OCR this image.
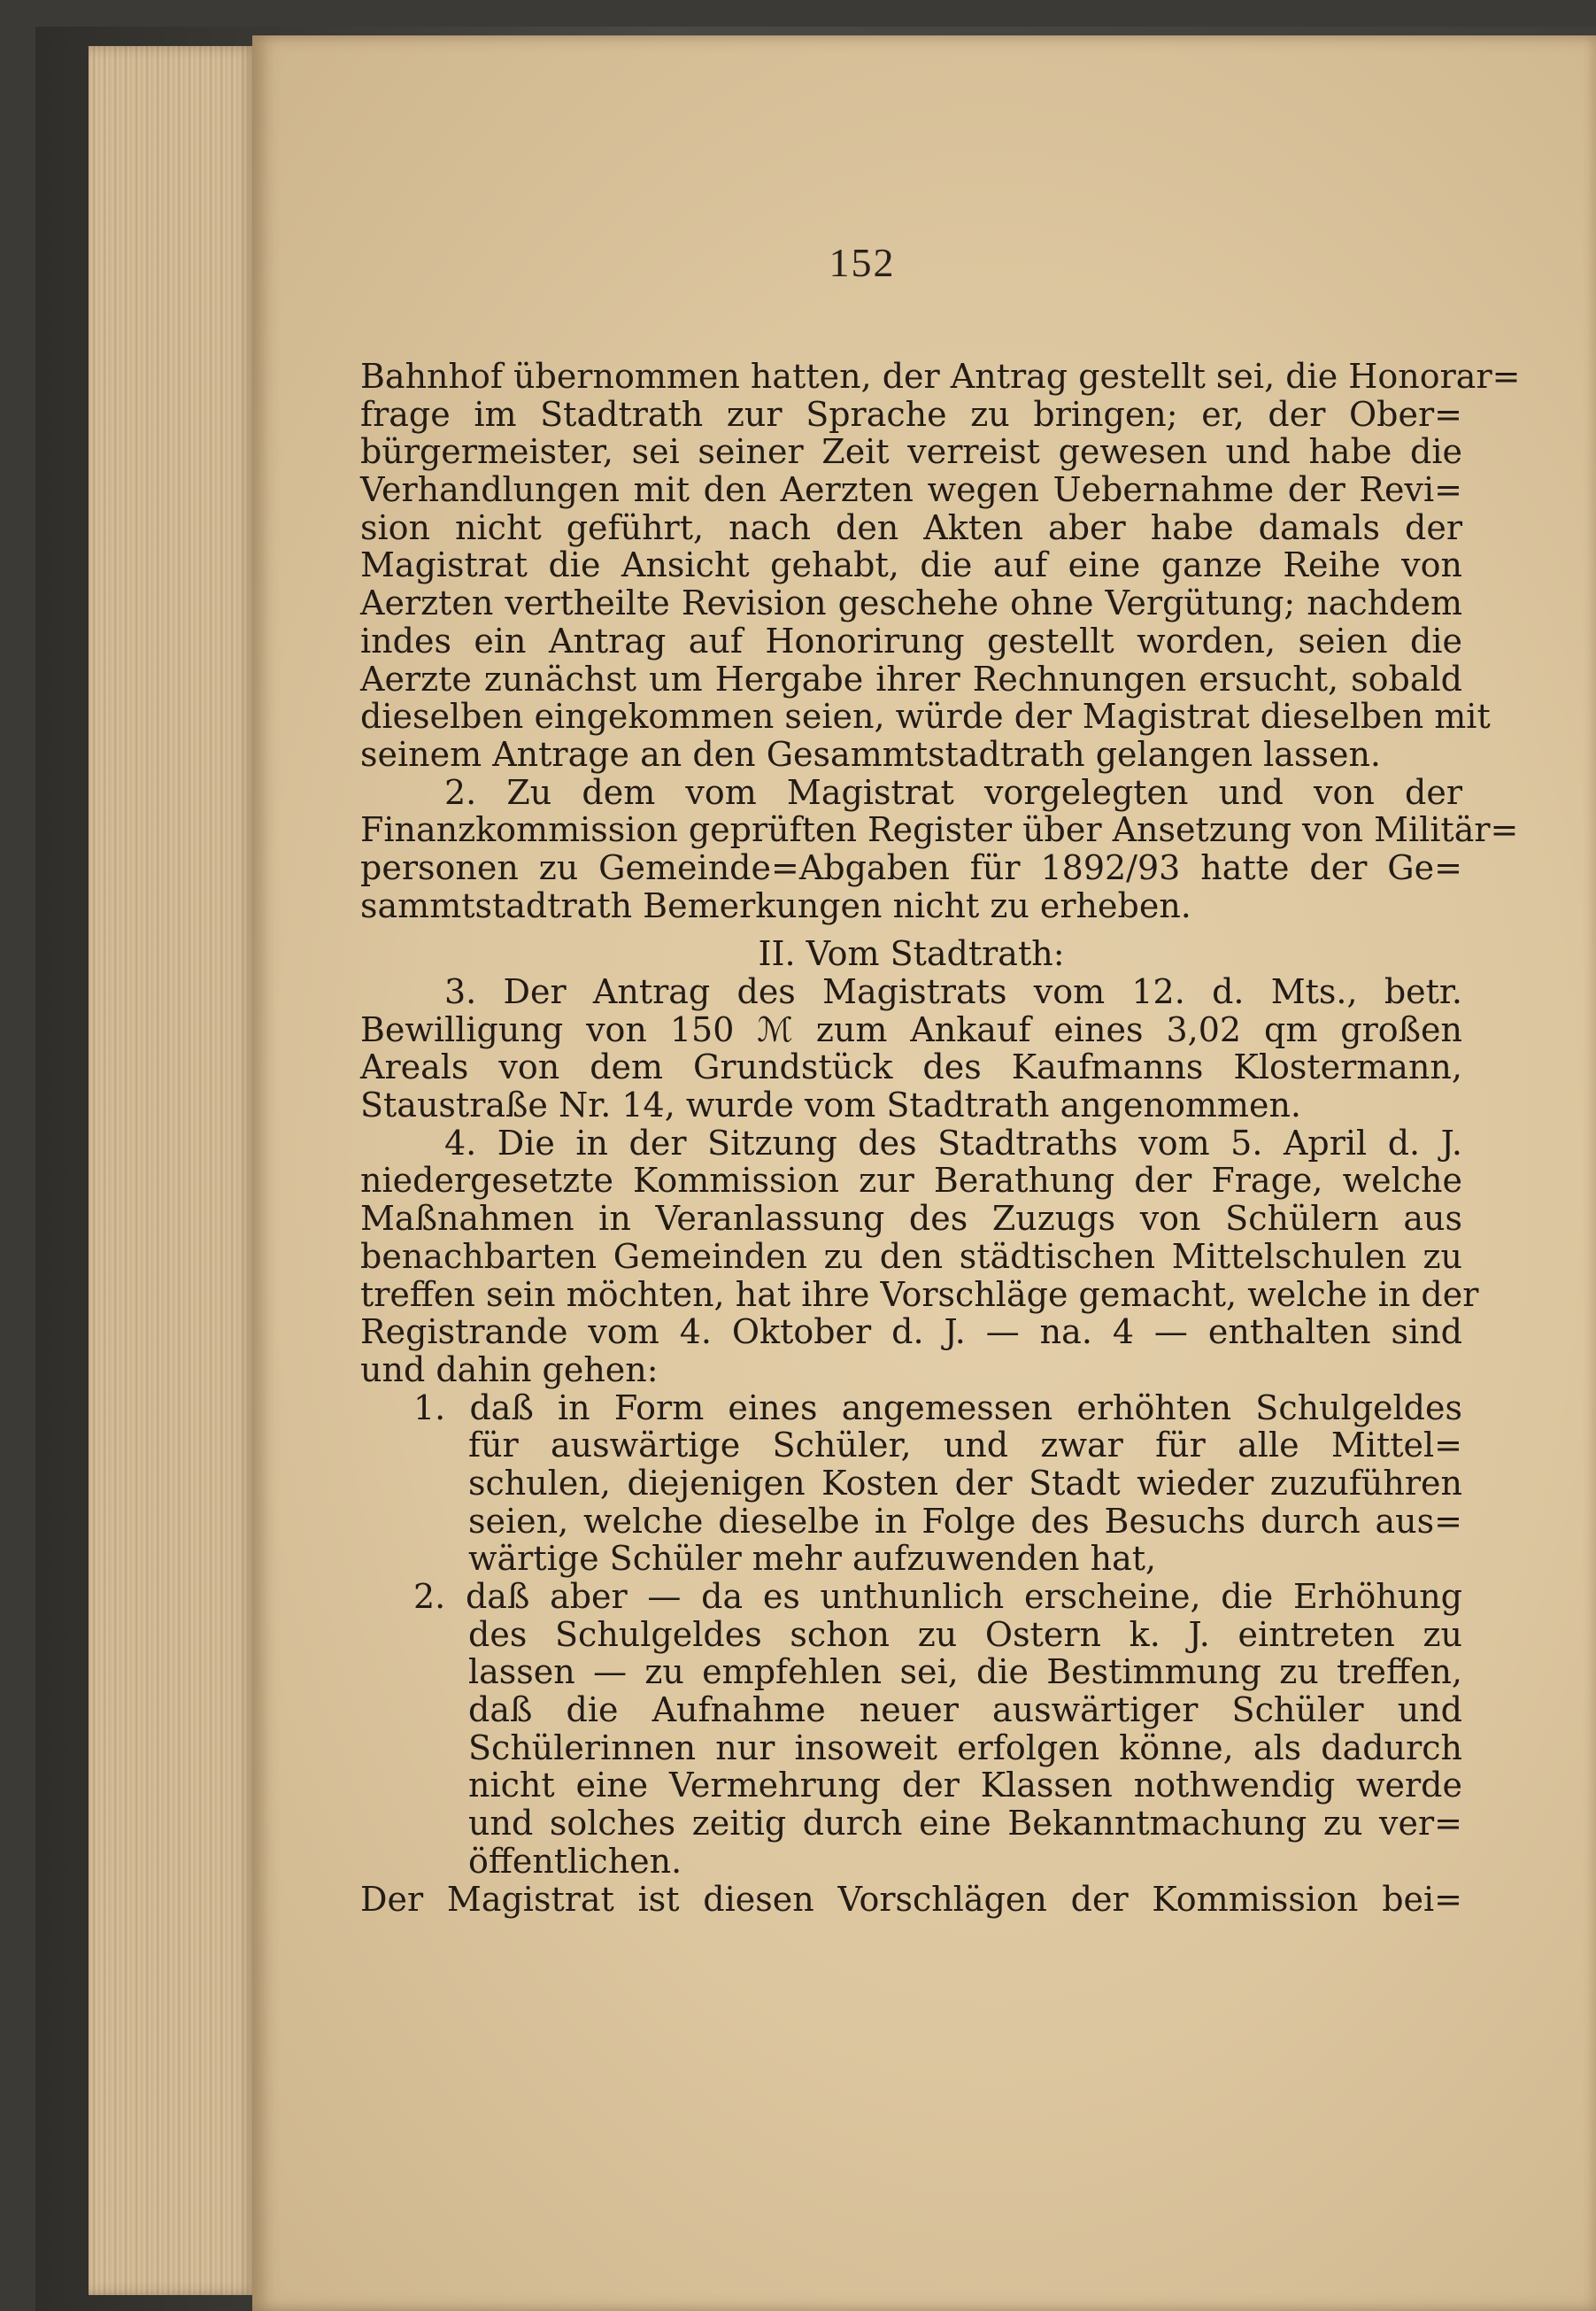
152
Bahnhof übernommen hatten, der Antrag gestellt sei, die Honorar=
frage im Stadtrath zur Sprache zu bringen; er, der Ober=
bürgermeister, sei seiner Zeit verreist gewesen und habe die
Verhandlungen mit den Aerzten wegen Uebernahme der Revi=
sion nicht geführt, nach den Akten aber habe damals der
Magistrat die Ansicht gehabt, die auf eine ganze Reihe von
Aerzten vertheilte Revision geschehe ohne Vergütung; nachdem
indes ein Antrag auf Honorirung gestellt worden, seien die
Aerzte zunächst um Hergabe ihrer Rechnungen ersucht, sobald
dieselben eingekommen seien, würde der Magistrat dieselben mit
seinem Antrage an den Gesammtstadtrath gelangen lassen.
2. Zu dem vom Magistrat vorgelegten und von der
Finanzkommission geprüften Register über Ansetzung von Militär=
personen zu Gemeinde=Abgaben für 1892/93 hatte der Ge=
sammtstadtrath Bemerkungen nicht zu erheben.
II. Vom Stadtrath:
3. Der Antrag des Magistrats vom 12. d. Mts., betr.
Bewilligung von 150 ℳ zum Ankauf eines 3,02 qm großen
Areals von dem Grundstück des Kaufmanns Klostermann,
Staustraße Nr. 14, wurde vom Stadtrath angenommen.
4. Die in der Sitzung des Stadtraths vom 5. April d. J.
niedergesetzte Kommission zur Berathung der Frage, welche
Maßnahmen in Veranlassung des Zuzugs von Schülern aus
benachbarten Gemeinden zu den städtischen Mittelschulen zu
treffen sein möchten, hat ihre Vorschläge gemacht, welche in der
Registrande vom 4. Oktober d. J. — na. 4 — enthalten sind
und dahin gehen:
1. daß in Form eines angemessen erhöhten Schulgeldes
für auswärtige Schüler, und zwar für alle Mittel=
schulen, diejenigen Kosten der Stadt wieder zuzuführen
seien, welche dieselbe in Folge des Besuchs durch aus=
wärtige Schüler mehr aufzuwenden hat,
2. daß aber — da es unthunlich erscheine, die Erhöhung
des Schulgeldes schon zu Ostern k. J. eintreten zu
lassen — zu empfehlen sei, die Bestimmung zu treffen,
daß die Aufnahme neuer auswärtiger Schüler und
Schülerinnen nur insoweit erfolgen könne, als dadurch
nicht eine Vermehrung der Klassen nothwendig werde
und solches zeitig durch eine Bekanntmachung zu ver=
öffentlichen.
Der Magistrat ist diesen Vorschlägen der Kommission bei=
